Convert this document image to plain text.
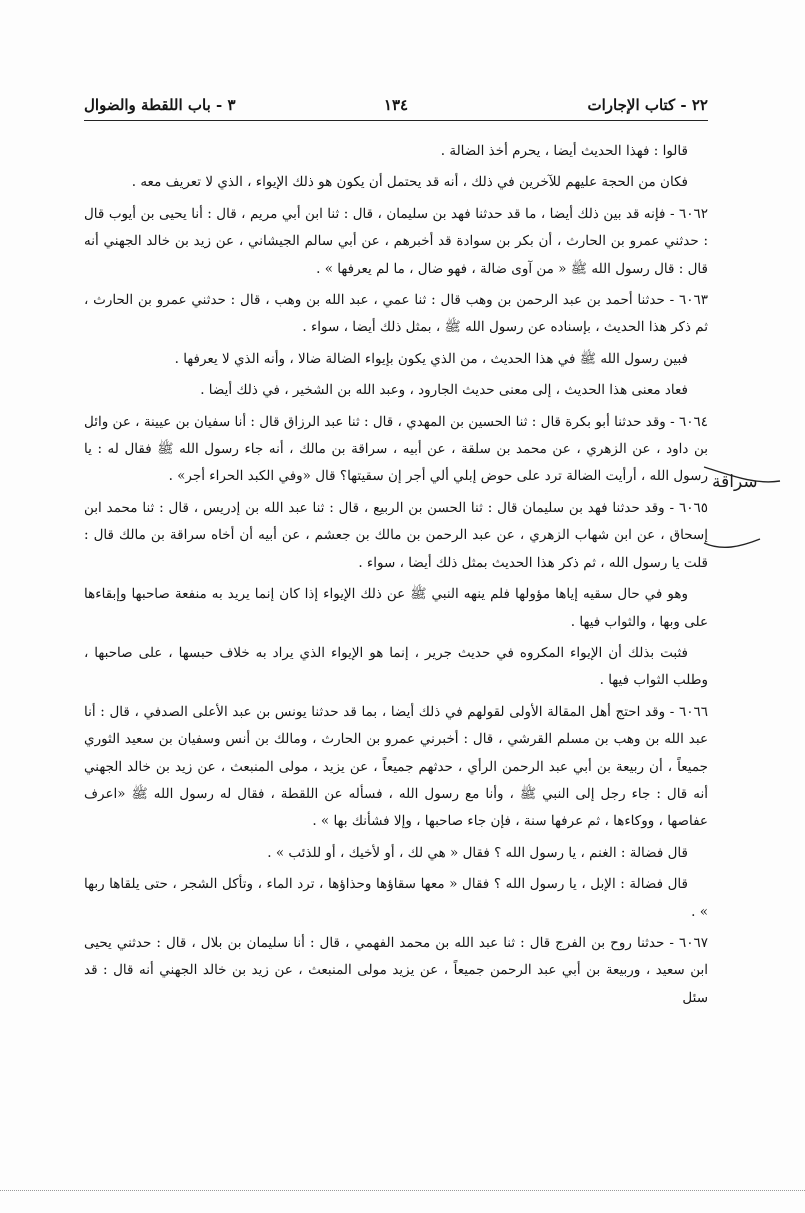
٢٢ - كتاب الإجارات
١٣٤
٣ - باب اللقطة والضوال

قالوا : فهذا الحديث أيضا ، يحرم أخذ الضالة .

فكان من الحجة عليهم للآخرين في ذلك ، أنه قد يحتمل أن يكون هو ذلك الإيواء ، الذي لا تعريف معه .

٦٠٦٢ - فإنه قد بين ذلك أيضا ، ما قد حدثنا فهد بن سليمان ، قال : ثنا ابن أبي مريم ، قال : أنا يحيى بن أيوب قال : حدثني عمرو بن الحارث ، أن بكر بن سوادة قد أخبرهم ، عن أبي سالم الجيشاني ، عن زيد بن خالد الجهني أنه قال : قال رسول الله ﷺ « من آوى ضالة ، فهو ضال ، ما لم يعرفها » .

٦٠٦٣ - حدثنا أحمد بن عبد الرحمن بن وهب قال : ثنا عمي ، عبد الله بن وهب ، قال : حدثني عمرو بن الحارث ، ثم ذكر هذا الحديث ، بإسناده عن رسول الله ﷺ ، بمثل ذلك أيضا ، سواء .

فبين رسول الله ﷺ في هذا الحديث ، من الذي يكون بإيواء الضالة ضالا ، وأنه الذي لا يعرفها .

فعاد معنى هذا الحديث ، إلى معنى حديث الجارود ، وعبد الله بن الشخير ، في ذلك أيضا .

٦٠٦٤ - وقد حدثنا أبو بكرة قال : ثنا الحسين بن المهدي ، قال : ثنا عبد الرزاق قال : أنا سفيان بن عيينة ، عن وائل بن داود ، عن الزهري ، عن محمد بن سلقة ، عن أبيه ، سراقة بن مالك ، أنه جاء رسول الله ﷺ فقال له : يا رسول الله ، أرأيت الضالة ترد على حوض إبلي ألي أجر إن سقيتها؟ قال «وفي الكبد الحراء أجر» .

٦٠٦٥ - وقد حدثنا فهد بن سليمان قال : ثنا الحسن بن الربيع ، قال : ثنا عبد الله بن إدريس ، قال : ثنا محمد ابن إسحاق ، عن ابن شهاب الزهري ، عن عبد الرحمن بن مالك بن جعشم ، عن أبيه أن أخاه سراقة بن مالك قال : قلت يا رسول الله ، ثم ذكر هذا الحديث بمثل ذلك أيضا ، سواء .

وهو في حال سقيه إياها مؤولها فلم ينهه النبي ﷺ عن ذلك الإيواء إذا كان إنما يريد به منفعة صاحبها وإبقاءها على وبها ، والثواب فيها .

فثبت بذلك أن الإيواء المكروه في حديث جرير ، إنما هو الإيواء الذي يراد به خلاف حبسها ، على صاحبها ، وطلب الثواب فيها .

٦٠٦٦ - وقد احتج أهل المقالة الأولى لقولهم في ذلك أيضا ، بما قد حدثنا يونس بن عبد الأعلى الصدفي ، قال : أنا عبد الله بن وهب بن مسلم القرشي ، قال : أخبرني عمرو بن الحارث ، ومالك بن أنس وسفيان بن سعيد الثوري جميعاً ، أن ربيعة بن أبي عبد الرحمن الرأي ، حدثهم جميعاً ، عن يزيد ، مولى المنبعث ، عن زيد بن خالد الجهني أنه قال : جاء رجل إلى النبي ﷺ ، وأنا مع رسول الله ، فسأله عن اللقطة ، فقال له رسول الله ﷺ «اعرف عفاصها ، ووكاءها ، ثم عرفها سنة ، فإن جاء صاحبها ، وإلا فشأنك بها » .

قال فضالة : الغنم ، يا رسول الله ؟ فقال « هي لك ، أو لأخيك ، أو للذئب » .

قال فضالة : الإبل ، يا رسول الله ؟ فقال « معها سقاؤها وحذاؤها ، ترد الماء ، وتأكل الشجر ، حتى يلقاها ربها » .

٦٠٦٧ - حدثنا روح بن الفرج قال : ثنا عبد الله بن محمد الفهمي ، قال : أنا سليمان بن بلال ، قال : حدثني يحيى ابن سعيد ، وربيعة بن أبي عبد الرحمن جميعاً ، عن يزيد مولى المنبعث ، عن زيد بن خالد الجهني أنه قال : قد سئل

سراقة
